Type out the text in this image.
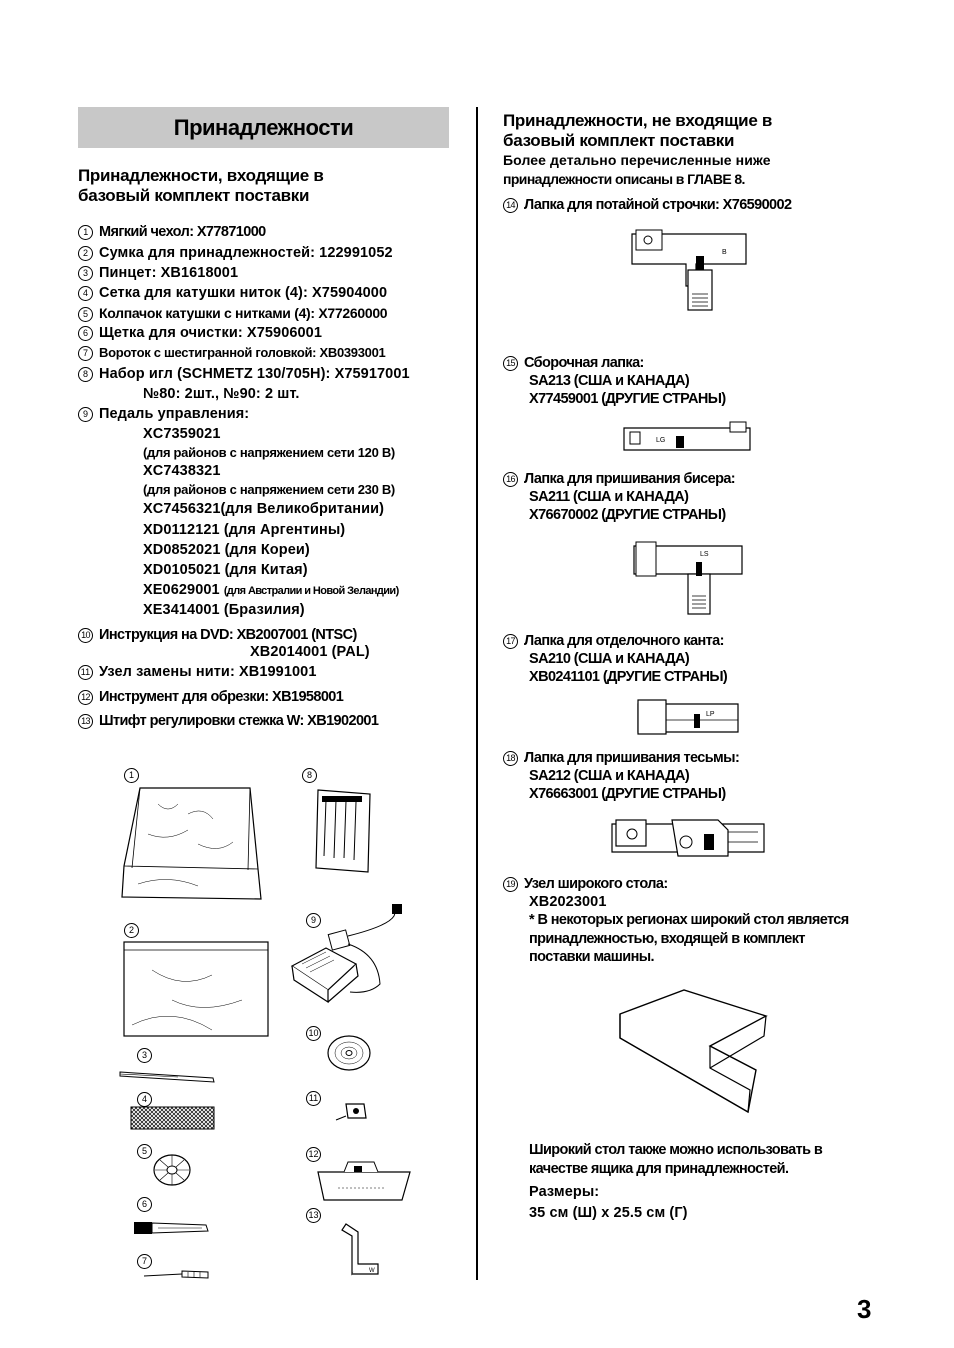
Принадлежности
Принадлежности, входящие в
базовый комплект поставки
1 Мягкий чехол: X77871000
2 Сумка для принадлежностей: 122991052
3 Пинцет: XB1618001
4 Сетка для катушки ниток (4): X75904000
5 Колпачок катушки с нитками (4): X77260000
6 Щетка для очистки: X75906001
7 Вороток с шестигранной головкой: XB0393001
8 Набор игл (SCHMETZ 130/705H): X75917001
№80: 2шт., №90: 2 шт.
9 Педаль управления:
XC7359021
(для районов с напряжением сети 120 В)
XC7438321
(для районов с напряжением сети 230 В)
XC7456321(для Великобритании)
XD0112121 (для Аргентины)
XD0852021 (для Кореи)
XD0105021 (для Китая)
XE0629001 (для Австралии и Новой Зеландии)
XE3414001 (Бразилия)
10 Инструкция на DVD: XB2007001 (NTSC)
XB2014001 (PAL)
11 Узел замены нити: XB1991001
12 Инструмент для обрезки: XB1958001
13 Штифт регулировки стежка W: XB1902001
1
2
3
4
5
6
7
8
9
10
11
12
13
W
Принадлежности, не входящие в
базовый комплект поставки
Более детально перечисленные ниже
принадлежности описаны в ГЛАВЕ 8.
14 Лапка для потайной строчки: X76590002
B
15 Сборочная лапка:
SA213 (США и КАНАДА)
X77459001 (ДРУГИЕ СТРАНЫ)
LG
16 Лапка для пришивания бисера:
SA211 (США и КАНАДА)
X76670002 (ДРУГИЕ СТРАНЫ)
LS
17 Лапка для отделочного канта:
SA210 (США и КАНАДА)
XB0241101 (ДРУГИЕ СТРАНЫ)
LP
18 Лапка для пришивания тесьмы:
SA212 (США и КАНАДА)
X76663001 (ДРУГИЕ СТРАНЫ)
19 Узел широкого стола:
XB2023001
* В некоторых регионах широкий стол является
принадлежностью, входящей в комплект
поставки машины.
Широкий стол также можно использовать в
качестве ящика для принадлежностей.
Размеры:
35 см (Ш) x 25.5 см (Г)
3
